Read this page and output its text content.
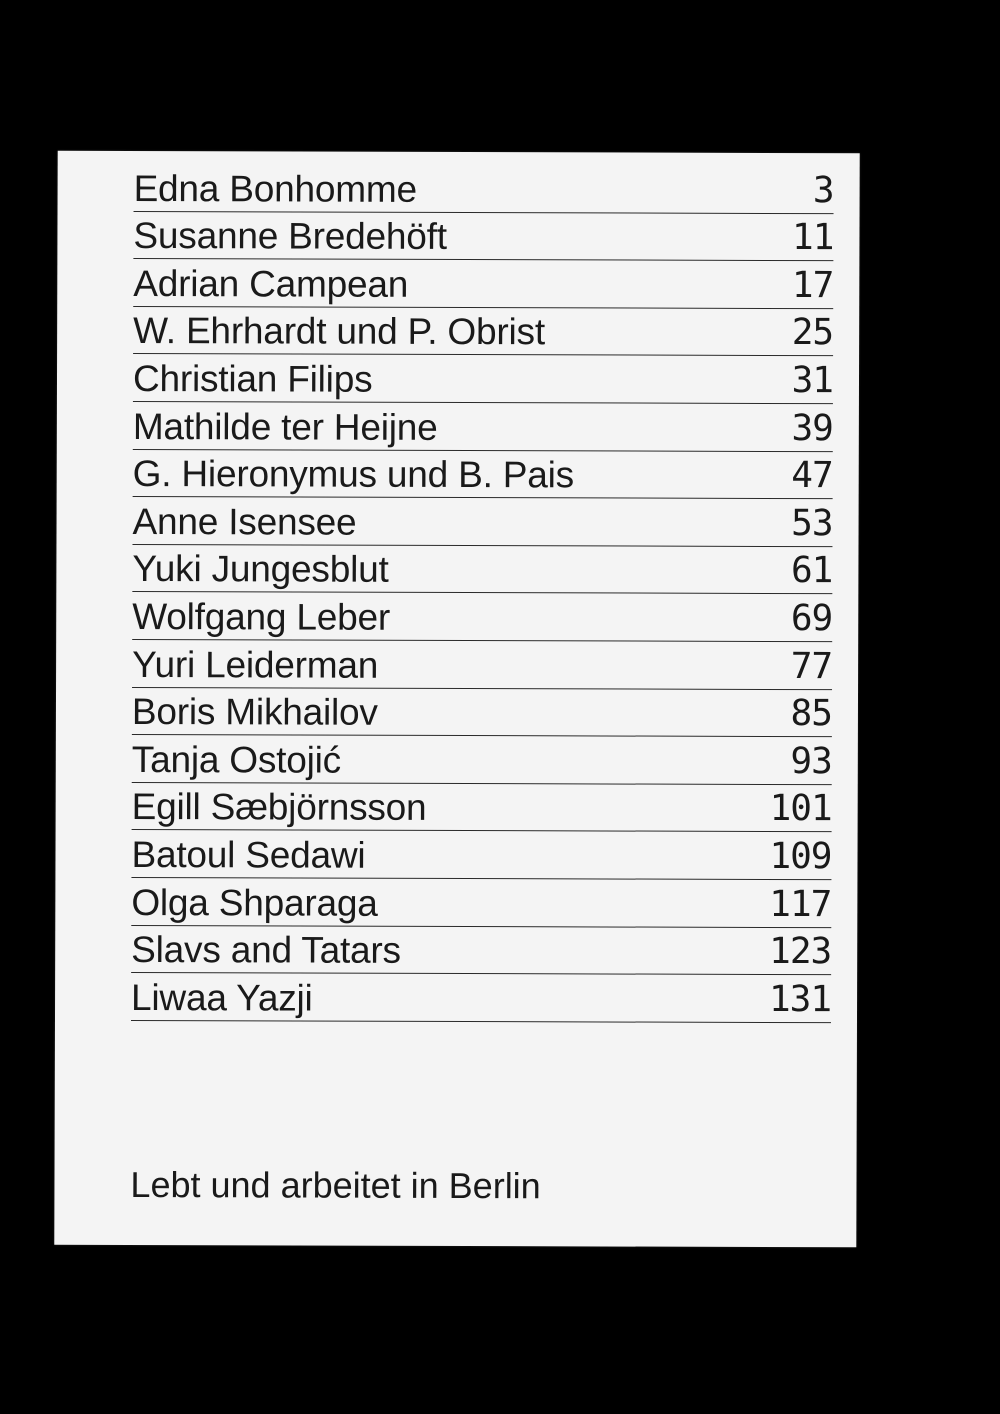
Edna Bonhomme	3
Susanne Bredehöft	11
Adrian Campean	17
W. Ehrhardt und P. Obrist	25
Christian Filips	31
Mathilde ter Heijne	39
G. Hieronymus und B. Pais	47
Anne Isensee	53
Yuki Jungesblut	61
Wolfgang Leber	69
Yuri Leiderman	77
Boris Mikhailov	85
Tanja Ostojić	93
Egill Sæbjörnsson	101
Batoul Sedawi	109
Olga Shparaga	117
Slavs and Tatars	123
Liwaa Yazji	131
Lebt und arbeitet in Berlin
